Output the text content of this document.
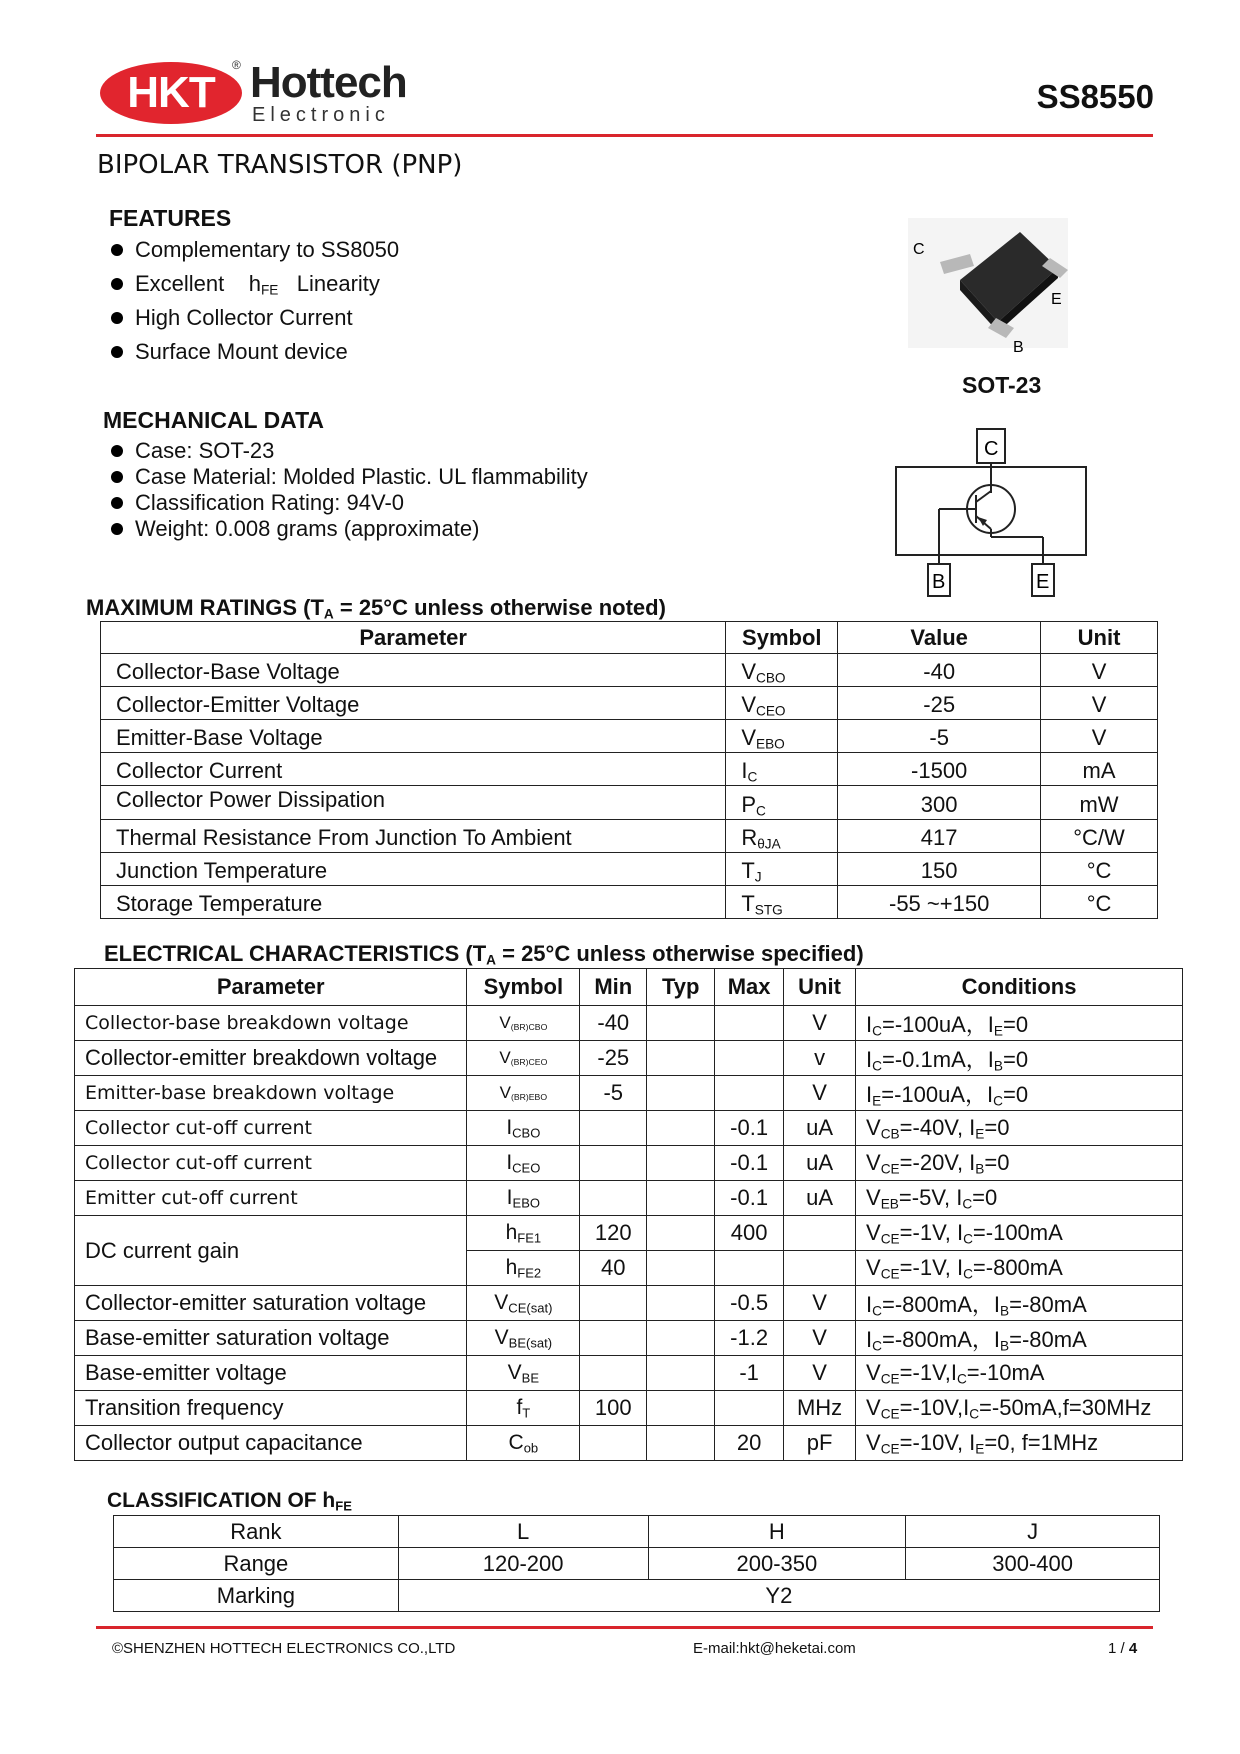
HKT
® Hottech
Electronic	SS8550
BIPOLAR TRANSISTOR (PNP)
FEATURES
Complementary to SS8050
Excellent $h_{FE}$ Linearity
High Collector Current
Surface Mount device
C
E
B
SOT-23
MECHANICAL DATA
Case: SOT-23
Case Material: Molded Plastic. UL flammability
Classification Rating: 94V-0
Weight: 0.008 grams (approximate)
C
B	E
MAXIMUM RATINGS ($T_A = 25^\circ C$ unless otherwise noted)
Parameter	Symbol	Value	Unit
Collector-Base Voltage	$V_{CBO}$	-40	V
Collector-Emitter Voltage	$V_{CEO}$	-25	V
Emitter-Base Voltage	$V_{EBO}$	-5	V
Collector Current	$I_C$	-1500	mA
Collector Power Dissipation	$P_C$	300	mW
Thermal Resistance From Junction To Ambient	$R_{\theta JA}$	417	°C/W
Junction Temperature	$T_J$	150	°C
Storage Temperature	$T_{STG}$	-55 ~+150	°C
ELECTRICAL CHARACTERISTICS ($T_A = 25^\circ C$ unless otherwise specified)
Parameter	Symbol	Min	Typ	Max	Unit	Conditions
Collector-base breakdown voltage	$V_{(BR)CBO}$	-40			V	$I_C=-100uA$，$I_E=0$
Collector-emitter breakdown voltage	$V_{(BR)CEO}$	-25			v	$I_C=-0.1mA$，$I_B=0$
Emitter-base breakdown voltage	$V_{(BR)EBO}$	-5			V	$I_E=-100uA$，$I_C=0$
Collector cut-off current	$I_{CBO}$			-0.1	uA	$V_{CB}=-40V$, $I_E=0$
Collector cut-off current	$I_{CEO}$			-0.1	uA	$V_{CE}=-20V$, $I_B=0$
Emitter cut-off current	$I_{EBO}$			-0.1	uA	$V_{EB}=-5V$, $I_C=0$
DC current gain	$h_{FE1}$	120		400		$V_{CE}=-1V$, $I_C=-100mA$
	$h_{FE2}$	40				$V_{CE}=-1V$, $I_C=-800mA$
Collector-emitter saturation voltage	$V_{CE(sat)}$			-0.5	V	$I_C=-800mA$，$I_B=-80mA$
Base-emitter saturation voltage	$V_{BE(sat)}$			-1.2	V	$I_C=-800mA$，$I_B=-80mA$
Base-emitter voltage	$V_{BE}$			-1	V	$V_{CE}=-1V,I_C=-10mA$
Transition frequency	$f_T$	100			MHz	$V_{CE}=-10V,I_C=-50mA,f=30MHz$
Collector output capacitance	$C_{ob}$			20	pF	$V_{CE}=-10V$, $I_E=0$, f=1MHz
CLASSIFICATION OF $h_{FE}$
Rank	L	H	J
Range	120-200	200-350	300-400
Marking	Y2		
©SHENZHEN HOTTECH ELECTRONICS CO.,LTD	E-mail:hkt@heketai.com	1 / 4
